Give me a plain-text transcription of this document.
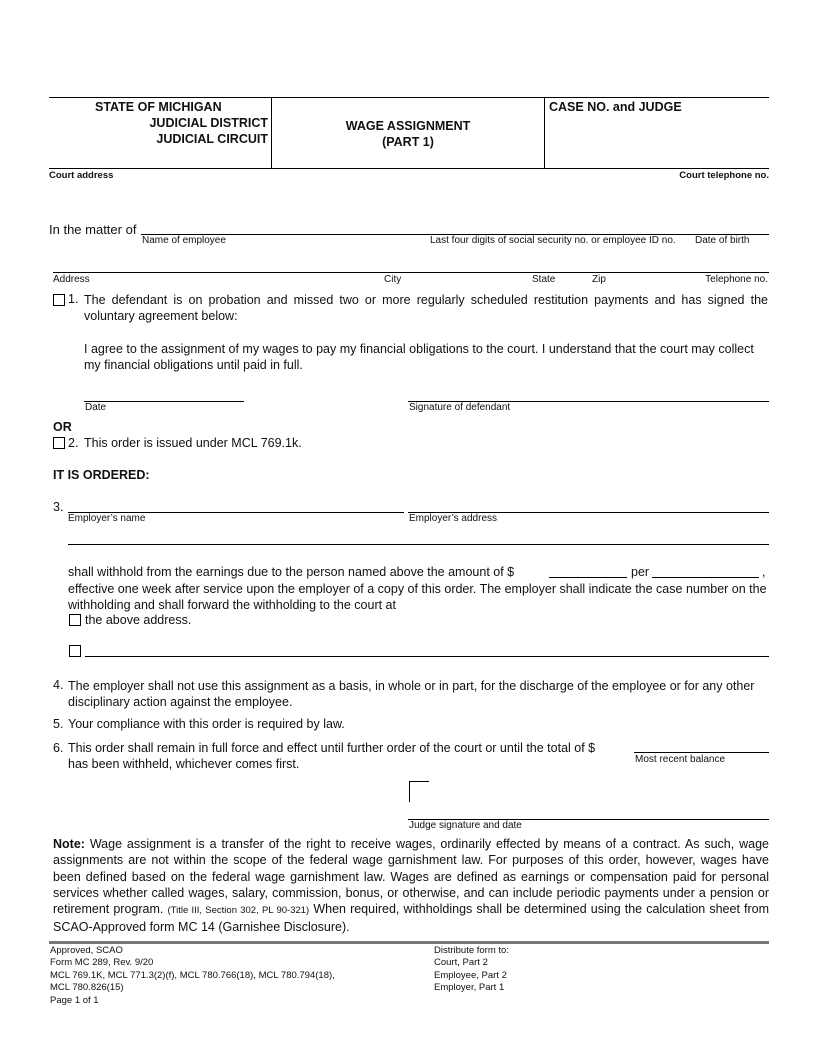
STATE OF MICHIGAN
JUDICIAL DISTRICT
JUDICIAL CIRCUIT
WAGE ASSIGNMENT
(PART 1)
CASE NO. and JUDGE
Court address	Court telephone no.
In the matter of
Name of employee	Last four digits of social security no. or employee ID no. Date of birth
Address	City	State	Zip	Telephone no.
1. The defendant is on probation and missed two or more regularly scheduled restitution payments and has signed the voluntary agreement below:
I agree to the assignment of my wages to pay my financial obligations to the court. I understand that the court may collect my financial obligations until paid in full.
Date	Signature of defendant
OR
2. This order is issued under MCL 769.1k.
IT IS ORDERED:
3.
Employer’s name	Employer’s address
shall withhold from the earnings due to the person named above the amount of $	per	,
effective one week after service upon the employer of a copy of this order. The employer shall indicate the case number on the withholding and shall forward the withholding to the court at
the above address.
4. The employer shall not use this assignment as a basis, in whole or in part, for the discharge of the employee or for any other disciplinary action against the employee.
5. Your compliance with this order is required by law.
6. This order shall remain in full force and effect until further order of the court or until the total of $
Most recent balance
has been withheld, whichever comes first.
Judge signature and date
Note: Wage assignment is a transfer of the right to receive wages, ordinarily effected by means of a contract. As such, wage assignments are not within the scope of the federal wage garnishment law. For purposes of this order, however, wages have been defined based on the federal wage garnishment law. Wages are defined as earnings or compensation paid for personal services whether called wages, salary, commission, bonus, or otherwise, and can include periodic payments under a pension or retirement program. (Title III, Section 302, PL 90-321) When required, withholdings shall be determined using the calculation sheet from SCAO-Approved form MC 14 (Garnishee Disclosure).
Approved, SCAO
Form MC 289, Rev. 9/20
MCL 769.1K, MCL 771.3(2)(f), MCL 780.766(18), MCL 780.794(18),
MCL 780.826(15)
Page 1 of 1
Distribute form to:
Court, Part 2
Employee, Part 2
Employer, Part 1
